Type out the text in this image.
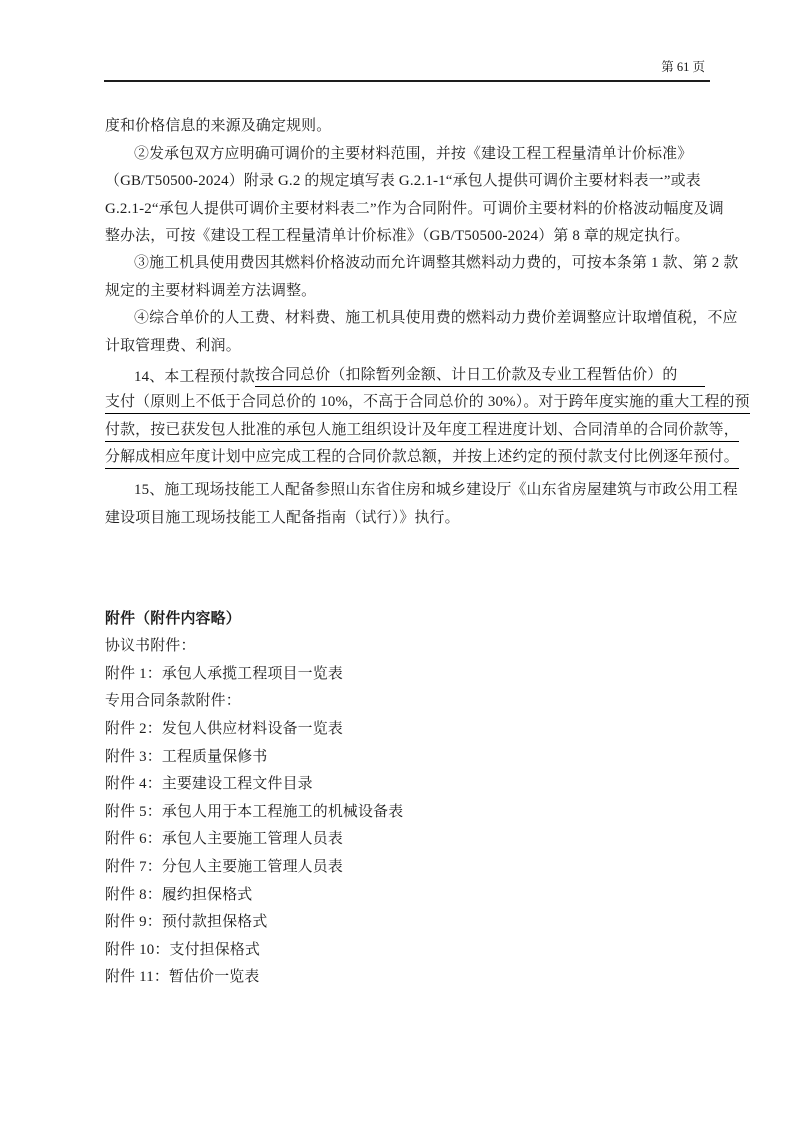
第 61 页
度和价格信息的来源及确定规则。
②发承包双方应明确可调价的主要材料范围，并按《建设工程工程量清单计价标准》
（GB/T50500-2024）附录 G.2 的规定填写表 G.2.1-1“承包人提供可调价主要材料表一”或表
G.2.1-2“承包人提供可调价主要材料表二”作为合同附件。可调价主要材料的价格波动幅度及调
整办法，可按《建设工程工程量清单计价标准》（GB/T50500-2024）第 8 章的规定执行。
③施工机具使用费因其燃料价格波动而允许调整其燃料动力费的，可按本条第 1 款、第 2 款
规定的主要材料调差方法调整。
④综合单价的人工费、材料费、施工机具使用费的燃料动力费价差调整应计取增值税，不应
计取管理费、利润。
14、本工程预付款 按合同总价（扣除暂列金额、计日工价款及专业工程暂估价）的
支付（原则上不低于合同总价的 10%，不高于合同总价的 30%）。对于跨年度实施的重大工程的预
付款，按已获发包人批准的承包人施工组织设计及年度工程进度计划、合同清单的合同价款等，
分解成相应年度计划中应完成工程的合同价款总额，并按上述约定的预付款支付比例逐年预付。
15、施工现场技能工人配备参照山东省住房和城乡建设厅《山东省房屋建筑与市政公用工程
建设项目施工现场技能工人配备指南（试行）》执行。
附件（附件内容略）
协议书附件：
附件 1：承包人承揽工程项目一览表
专用合同条款附件：
附件 2：发包人供应材料设备一览表
附件 3：工程质量保修书
附件 4：主要建设工程文件目录
附件 5：承包人用于本工程施工的机械设备表
附件 6：承包人主要施工管理人员表
附件 7：分包人主要施工管理人员表
附件 8：履约担保格式
附件 9：预付款担保格式
附件 10：支付担保格式
附件 11：暂估价一览表
